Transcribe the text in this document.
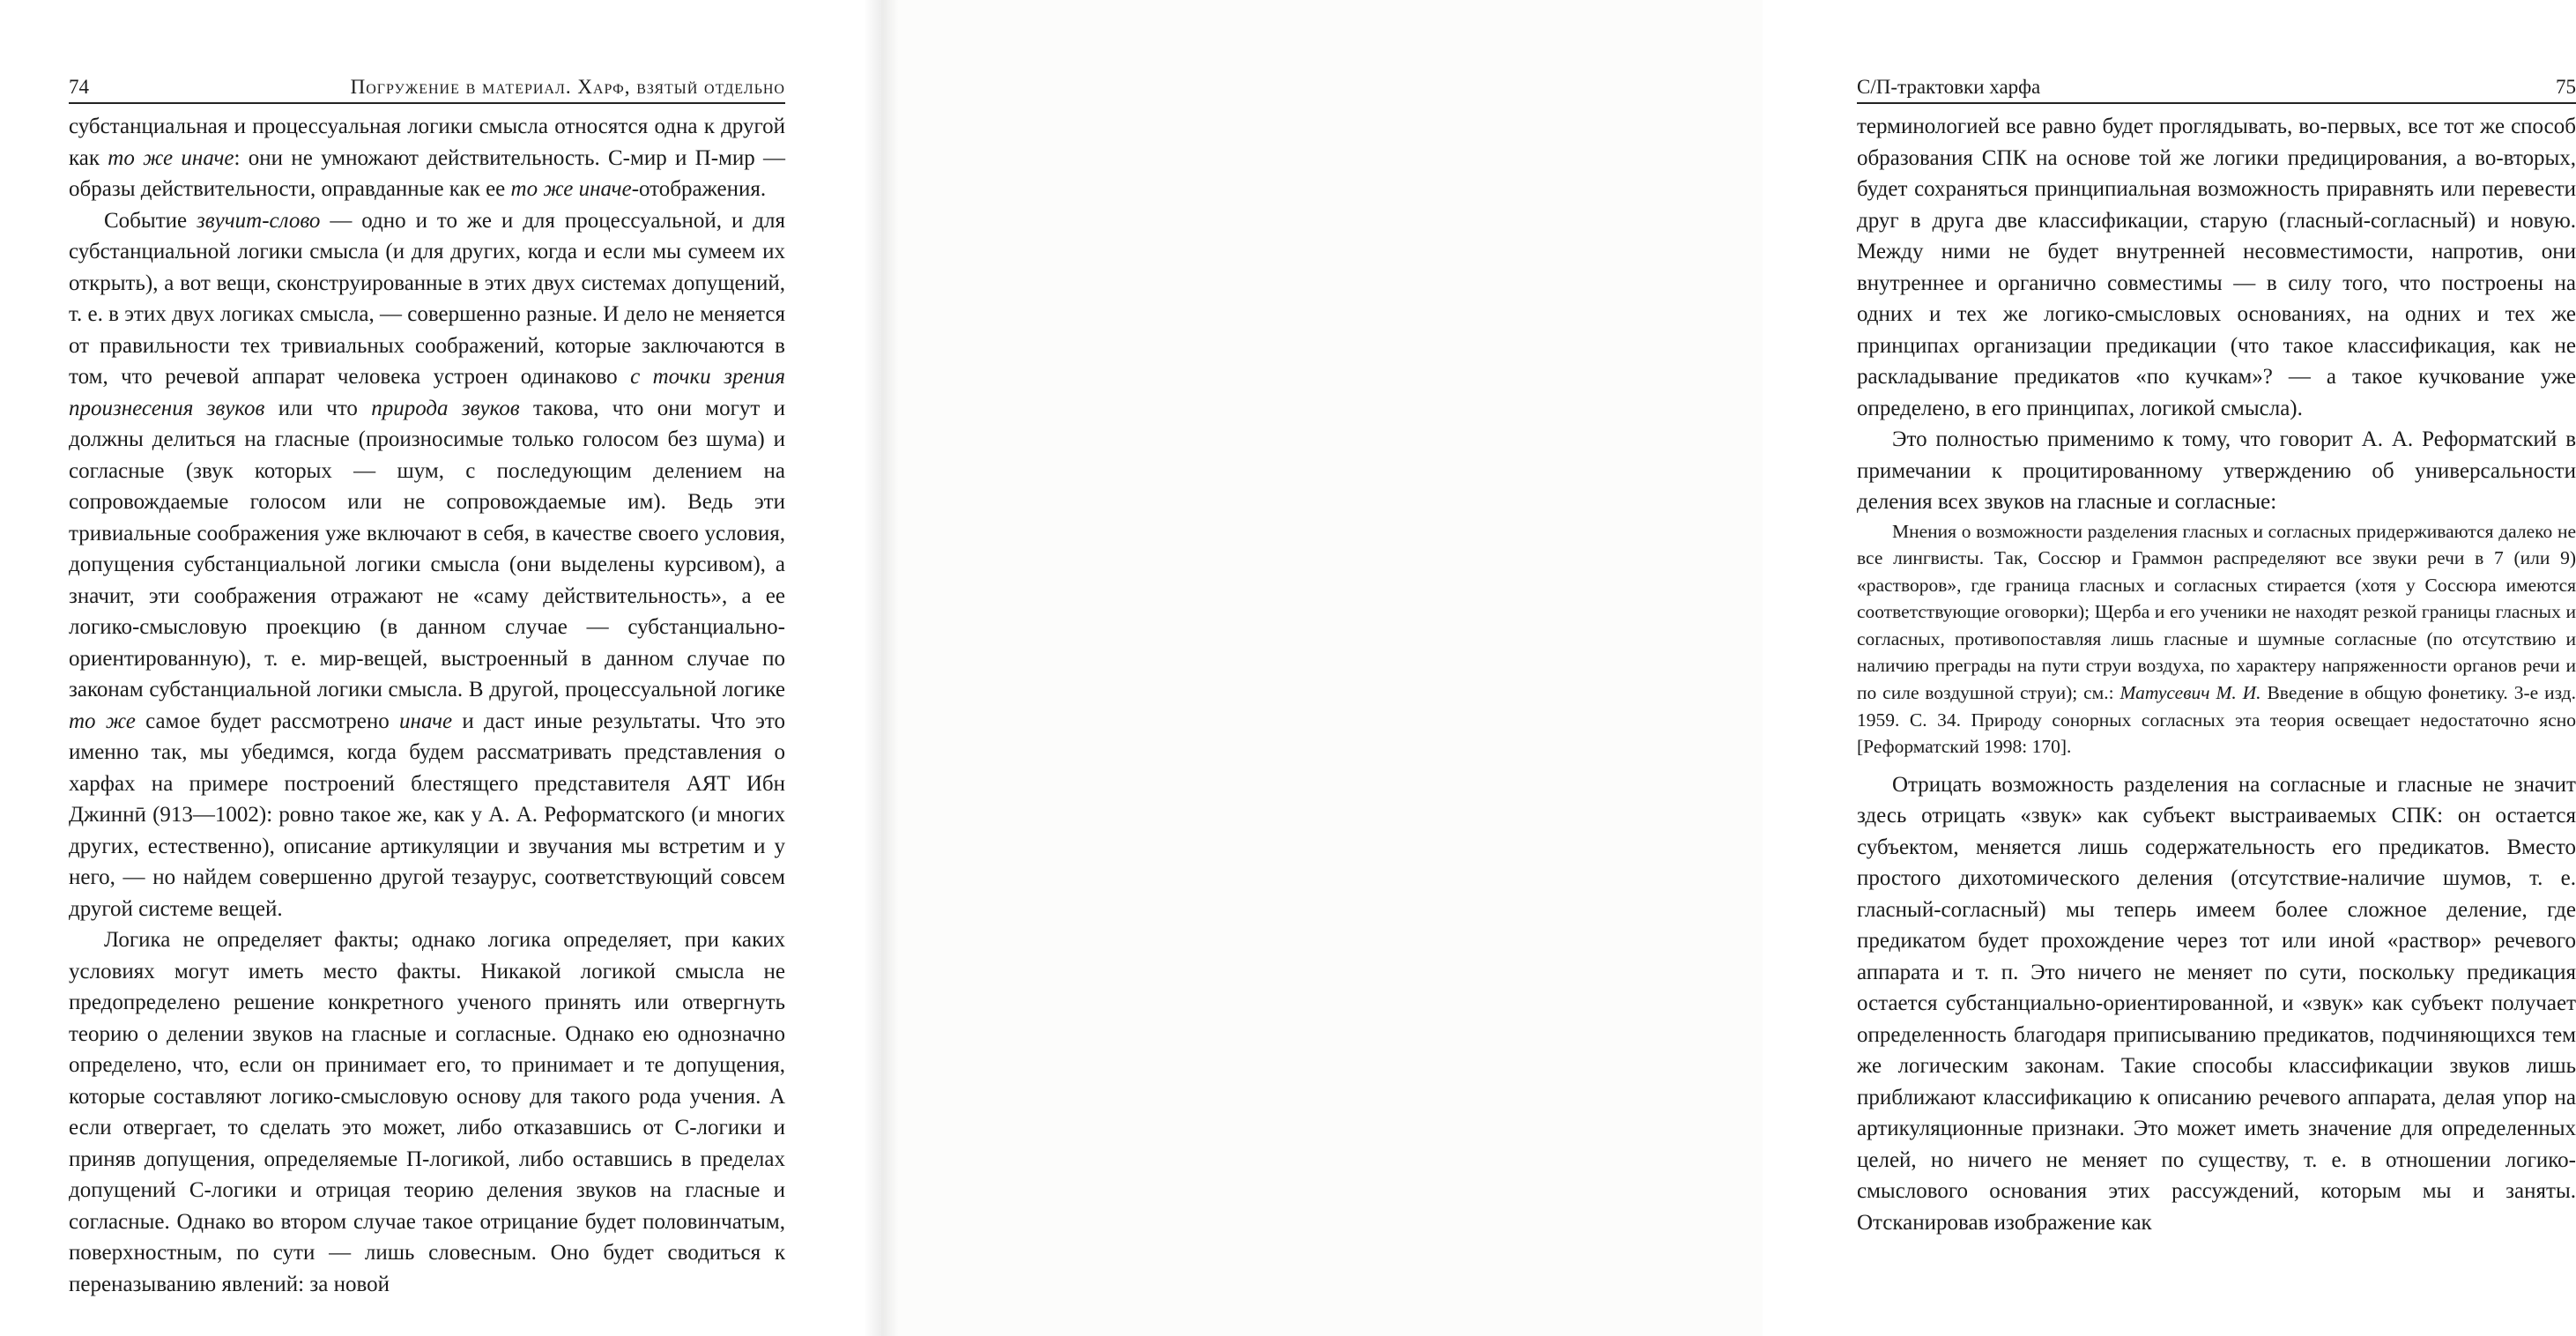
74	Погружение в материал. Харф, взятый отдельно

субстанциальная и процессуальная логики смысла относятся одна к другой как то же иначе: они не умножают действительность. С-мир и П-мир — образы действительности, оправданные как ее то же иначе-отображения.

Событие звучит-слово — одно и то же и для процессуальной, и для субстанциальной логики смысла (и для других, когда и если мы сумеем их открыть), а вот вещи, сконструированные в этих двух системах допущений, т. е. в этих двух логиках смысла, — совершенно разные. И дело не меняется от правильности тех тривиальных соображений, которые заключаются в том, что речевой аппарат человека устроен одинаково с точки зрения произнесения звуков или что природа звуков такова, что они могут и должны делиться на гласные (произносимые только голосом без шума) и согласные (звук которых — шум, с последующим делением на сопровождаемые голосом или не сопровождаемые им). Ведь эти тривиальные соображения уже включают в себя, в качестве своего условия, допущения субстанциальной логики смысла (они выделены курсивом), а значит, эти соображения отражают не «саму действительность», а ее логико-смысловую проекцию (в данном случае — субстанциально-ориентированную), т. е. мир-вещей, выстроенный в данном случае по законам субстанциальной логики смысла. В другой, процессуальной логике то же самое будет рассмотрено иначе и даст иные результаты. Что это именно так, мы убедимся, когда будем рассматривать представления о харфах на примере построений блестящего представителя АЯТ Ибн Джиннӣ (913—1002): ровно такое же, как у А. А. Реформатского (и многих других, естественно), описание артикуляции и звучания мы встретим и у него, — но найдем совершенно другой тезаурус, соответствующий совсем другой системе вещей.

Логика не определяет факты; однако логика определяет, при каких условиях могут иметь место факты. Никакой логикой смысла не предопределено решение конкретного ученого принять или отвергнуть теорию о делении звуков на гласные и согласные. Однако ею однозначно определено, что, если он принимает его, то принимает и те допущения, которые составляют логико-смысловую основу для такого рода учения. А если отвергает, то сделать это может, либо отказавшись от С-логики и приняв допущения, определяемые П-логикой, либо оставшись в пределах допущений С-логики и отрицая теорию деления звуков на гласные и согласные. Однако во втором случае такое отрицание будет половинчатым, поверхностным, по сути — лишь словесным. Оно будет сводиться к переназыванию явлений: за новой

С/П-трактовки харфа	75

терминологией все равно будет проглядывать, во-первых, все тот же способ образования СПК на основе той же логики предицирования, а во-вторых, будет сохраняться принципиальная возможность приравнять или перевести друг в друга две классификации, старую (гласный-согласный) и новую. Между ними не будет внутренней несовместимости, напротив, они внутреннее и органично совместимы — в силу того, что построены на одних и тех же логико-смысловых основаниях, на одних и тех же принципах организации предикации (что такое классификация, как не раскладывание предикатов «по кучкам»? — а такое кучкование уже определено, в его принципах, логикой смысла).

Это полностью применимо к тому, что говорит А. А. Реформатский в примечании к процитированному утверждению об универсальности деления всех звуков на гласные и согласные:

Мнения о возможности разделения гласных и согласных придерживаются далеко не все лингвисты. Так, Соссюр и Граммон распределяют все звуки речи в 7 (или 9) «растворов», где граница гласных и согласных стирается (хотя у Соссюра имеются соответствующие оговорки); Щерба и его ученики не находят резкой границы гласных и согласных, противопоставляя лишь гласные и шумные согласные (по отсутствию и наличию преграды на пути струи воздуха, по характеру напряженности органов речи и по силе воздушной струи); см.: Матусевич М. И. Введение в общую фонетику. 3-е изд. 1959. С. 34. Природу сонорных согласных эта теория освещает недостаточно ясно [Реформатский 1998: 170].

Отрицать возможность разделения на согласные и гласные не значит здесь отрицать «звук» как субъект выстраиваемых СПК: он остается субъектом, меняется лишь содержательность его предикатов. Вместо простого дихотомического деления (отсутствие-наличие шумов, т. е. гласный-согласный) мы теперь имеем более сложное деление, где предикатом будет прохождение через тот или иной «раствор» речевого аппарата и т. п. Это ничего не меняет по сути, поскольку предикация остается субстанциально-ориентированной, и «звук» как субъект получает определенность благодаря приписыванию предикатов, подчиняющихся тем же логическим законам. Такие способы классификации звуков лишь приближают классификацию к описанию речевого аппарата, делая упор на артикуляционные признаки. Это может иметь значение для определенных целей, но ничего не меняет по существу, т. е. в отношении логико-смыслового основания этих рассуждений, которым мы и заняты. Отсканировав изображение как
